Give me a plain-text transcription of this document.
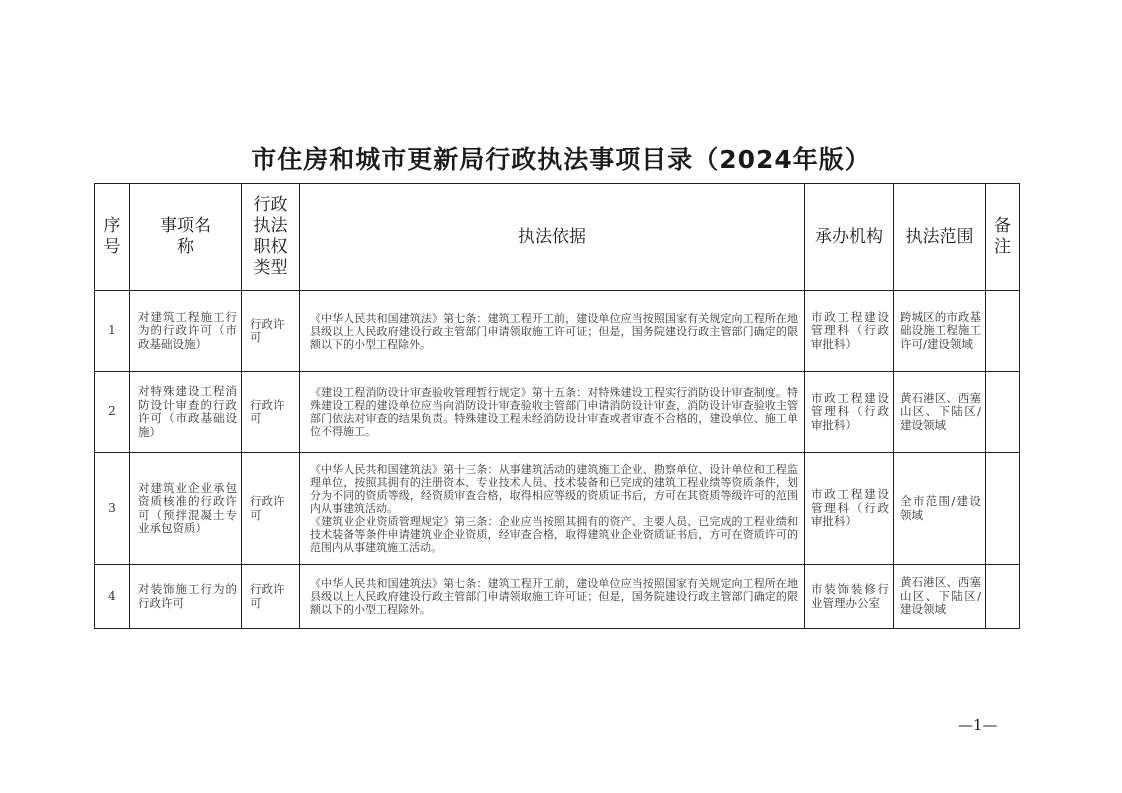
市住房和城市更新局行政执法事项目录（2024年版）
序号	事项名称	行政执法职权类型	执法依据	承办机构	执法范围	备注
1	对建筑工程施工行为的行政许可（市政基础设施）	行政许可	《中华人民共和国建筑法》第七条：建筑工程开工前，建设单位应当按照国家有关规定向工程所在地县级以上人民政府建设行政主管部门申请领取施工许可证；但是，国务院建设行政主管部门确定的限额以下的小型工程除外。	市政工程建设管理科（行政审批科）	跨城区的市政基础设施工程施工许可/建设领域	
2	对特殊建设工程消防设计审查的行政许可（市政基础设施）	行政许可	《建设工程消防设计审查验收管理暂行规定》第十五条：对特殊建设工程实行消防设计审查制度。特殊建设工程的建设单位应当向消防设计审查验收主管部门申请消防设计审查，消防设计审查验收主管部门依法对审查的结果负责。特殊建设工程未经消防设计审查或者审查不合格的，建设单位、施工单位不得施工。	市政工程建设管理科（行政审批科）	黄石港区、西塞山区、下陆区/建设领域	
3	对建筑业企业承包资质核准的行政许可（预拌混凝土专业承包资质）	行政许可	《中华人民共和国建筑法》第十三条：从事建筑活动的建筑施工企业、勘察单位、设计单位和工程监理单位，按照其拥有的注册资本、专业技术人员、技术装备和已完成的建筑工程业绩等资质条件，划分为不同的资质等级，经资质审查合格，取得相应等级的资质证书后，方可在其资质等级许可的范围内从事建筑活动。
《建筑业企业资质管理规定》第三条：企业应当按照其拥有的资产、主要人员、已完成的工程业绩和技术装备等条件申请建筑业企业资质，经审查合格，取得建筑业企业资质证书后，方可在资质许可的范围内从事建筑施工活动。	市政工程建设管理科（行政审批科）	全市范围/建设领域	
4	对装饰施工行为的行政许可	行政许可	《中华人民共和国建筑法》第七条：建筑工程开工前，建设单位应当按照国家有关规定向工程所在地县级以上人民政府建设行政主管部门申请领取施工许可证；但是，国务院建设行政主管部门确定的限额以下的小型工程除外。	市装饰装修行业管理办公室	黄石港区、西塞山区、下陆区/建设领域	
—1—
